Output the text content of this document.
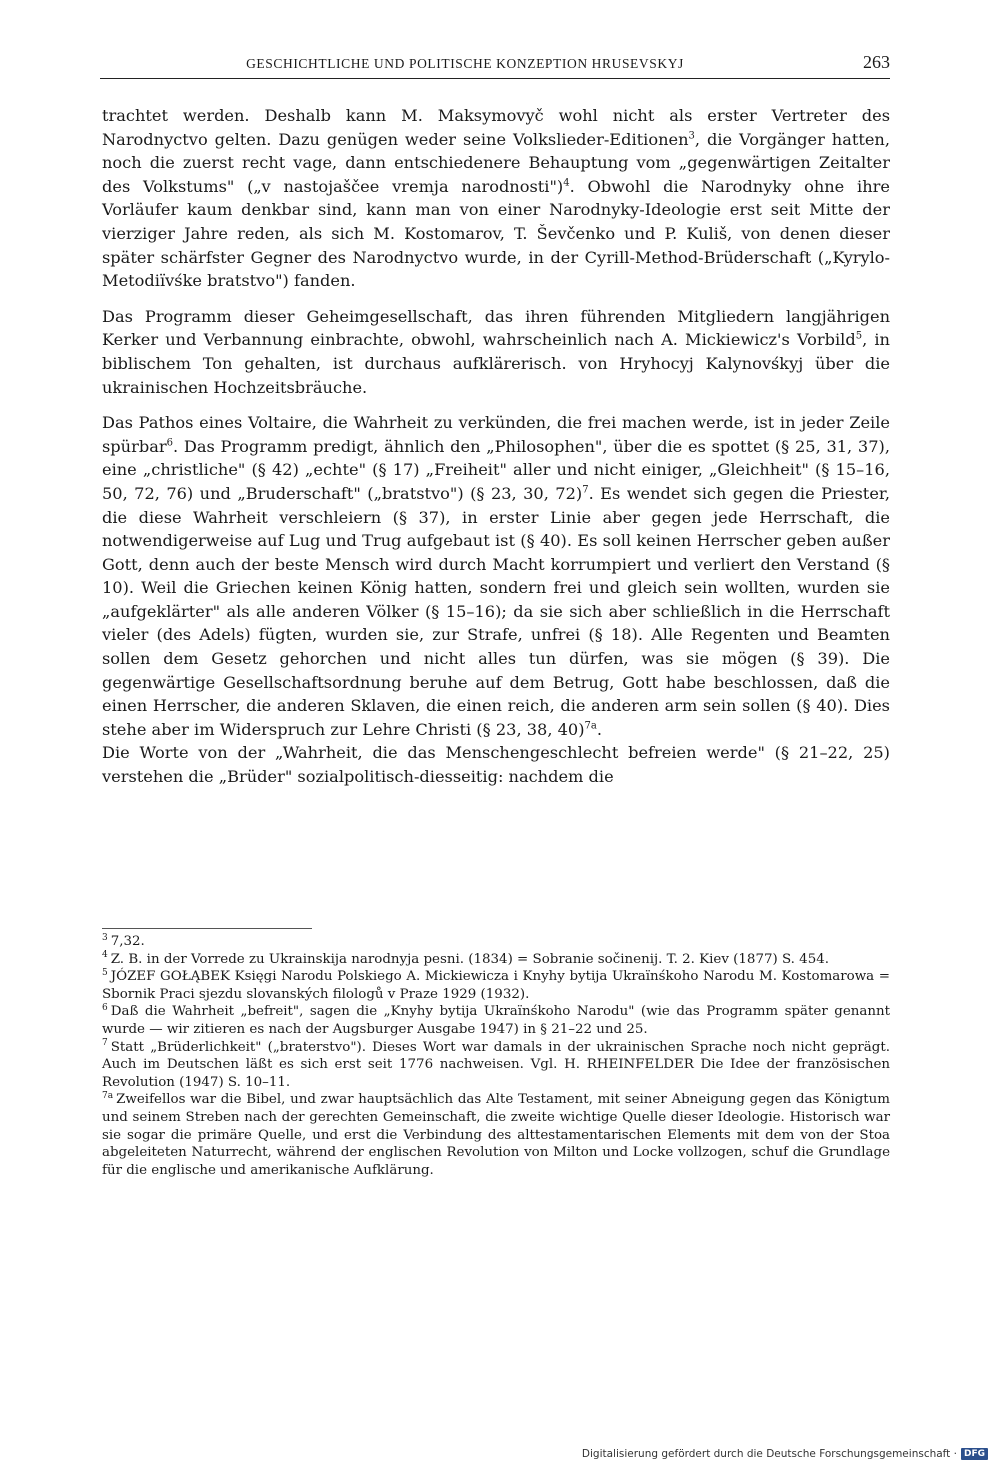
GESCHICHTLICHE UND POLITISCHE KONZEPTION HRUSEVSKYJ	263

trachtet werden. Deshalb kann M. Maksymovyč wohl nicht als erster Vertreter des Narodnyctvo gelten. Dazu genügen weder seine Volkslieder-Editionen$^3$, die Vorgänger hatten, noch die zuerst recht vage, dann entschiedenere Behauptung vom „gegenwärtigen Zeitalter des Volkstums" („v nastojaščee vremja narodnosti")$^4$. Obwohl die Narodnyky ohne ihre Vorläufer kaum denkbar sind, kann man von einer Narodnyky-Ideologie erst seit Mitte der vierziger Jahre reden, als sich M. Kostomarov, T. Ševčenko und P. Kuliš, von denen dieser später schärfster Gegner des Narodnyctvo wurde, in der Cyrill-Method-Brüderschaft („Kyrylo-Metodiïvśke bratstvo") fanden.

Das Programm dieser Geheimgesellschaft, das ihren führenden Mitgliedern langjährigen Kerker und Verbannung einbrachte, obwohl, wahrscheinlich nach A. Mickiewicz's Vorbild$^5$, in biblischem Ton gehalten, ist durchaus aufklärerisch. von Hryhocyj Kalynovśkyj über die ukrainischen Hochzeitsbräuche.

Das Pathos eines Voltaire, die Wahrheit zu verkünden, die frei machen werde, ist in jeder Zeile spürbar$^6$. Das Programm predigt, ähnlich den „Philosophen", über die es spottet (§ 25, 31, 37), eine „christliche" (§ 42) „echte" (§ 17) „Freiheit" aller und nicht einiger, „Gleichheit" (§ 15–16, 50, 72, 76) und „Bruderschaft" („bratstvo") (§ 23, 30, 72)$^7$. Es wendet sich gegen die Priester, die diese Wahrheit verschleiern (§ 37), in erster Linie aber gegen jede Herrschaft, die notwendigerweise auf Lug und Trug aufgebaut ist (§ 40). Es soll keinen Herrscher geben außer Gott, denn auch der beste Mensch wird durch Macht korrumpiert und verliert den Verstand (§ 10). Weil die Griechen keinen König hatten, sondern frei und gleich sein wollten, wurden sie „aufgeklärter" als alle anderen Völker (§ 15–16); da sie sich aber schließlich in die Herrschaft vieler (des Adels) fügten, wurden sie, zur Strafe, unfrei (§ 18). Alle Regenten und Beamten sollen dem Gesetz gehorchen und nicht alles tun dürfen, was sie mögen (§ 39). Die gegenwärtige Gesellschaftsordnung beruhe auf dem Betrug, Gott habe beschlossen, daß die einen Herrscher, die anderen Sklaven, die einen reich, die anderen arm sein sollen (§ 40). Dies stehe aber im Widerspruch zur Lehre Christi (§ 23, 38, 40)$^{7a}$.

Die Worte von der „Wahrheit, die das Menschengeschlecht befreien werde" (§ 21–22, 25) verstehen die „Brüder" sozialpolitisch-diesseitig: nachdem die

$^3$ 7,32.

$^4$ Z. B. in der Vorrede zu Ukrainskija narodnyja pesni. (1834) = Sobranie sočinenij. T. 2. Kiev (1877) S. 454.

$^5$ JÓZEF GOŁĄBEK Księgi Narodu Polskiego A. Mickiewicza i Knyhy bytija Ukraïnśkoho Narodu M. Kostomarowa = Sbornik Praci sjezdu slovanských filologů v Praze 1929 (1932).

$^6$ Daß die Wahrheit „befreit", sagen die „Knyhy bytija Ukraïnśkoho Narodu" (wie das Programm später genannt wurde — wir zitieren es nach der Augsburger Ausgabe 1947) in § 21–22 und 25.

$^7$ Statt „Brüderlichkeit" („braterstvo"). Dieses Wort war damals in der ukrainischen Sprache noch nicht geprägt. Auch im Deutschen läßt es sich erst seit 1776 nachweisen. Vgl. H. RHEINFELDER Die Idee der französischen Revolution (1947) S. 10–11.

$^{7a}$ Zweifellos war die Bibel, und zwar hauptsächlich das Alte Testament, mit seiner Abneigung gegen das Königtum und seinem Streben nach der gerechten Gemeinschaft, die zweite wichtige Quelle dieser Ideologie. Historisch war sie sogar die primäre Quelle, und erst die Verbindung des alttestamentarischen Elements mit dem von der Stoa abgeleiteten Naturrecht, während der englischen Revolution von Milton und Locke vollzogen, schuf die Grundlage für die englische und amerikanische Aufklärung.

Digitalisierung gefördert durch die Deutsche Forschungsgemeinschaft · DFG
